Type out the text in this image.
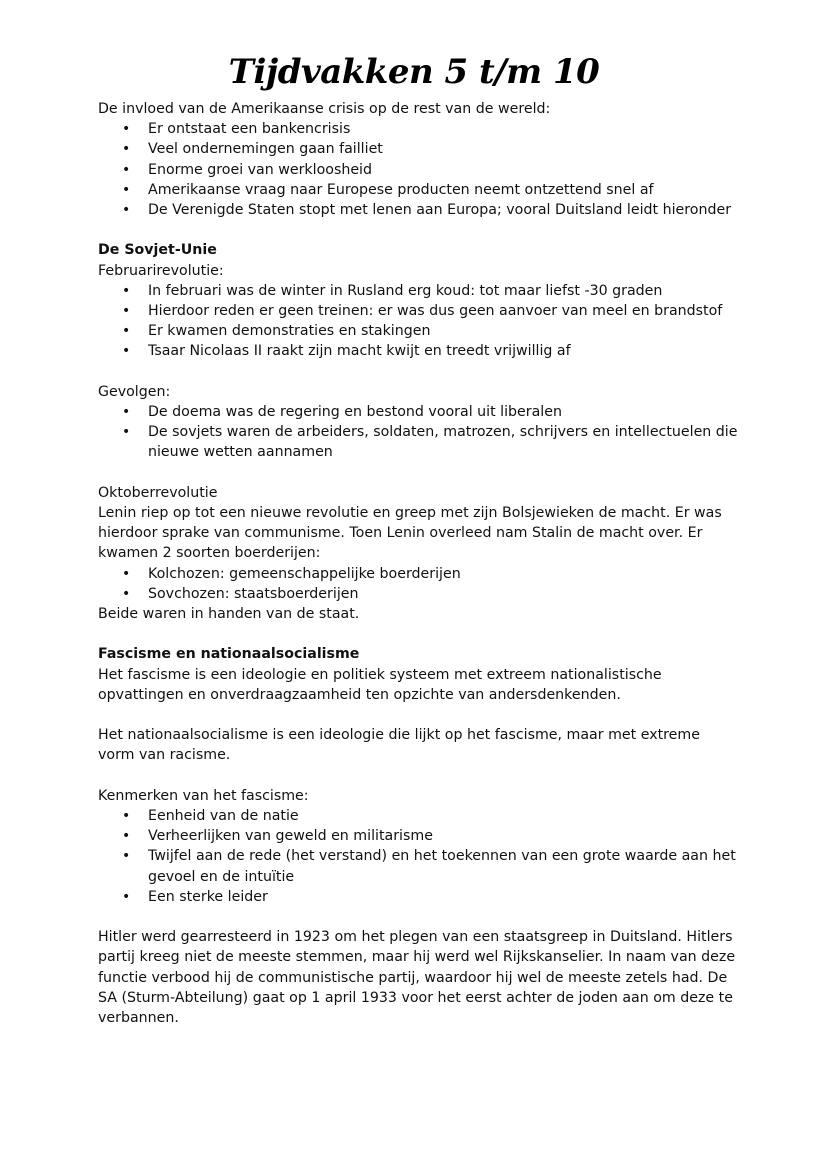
Tijdvakken 5 t/m 10

De invloed van de Amerikaanse crisis op de rest van de wereld:

• Er ontstaat een bankencrisis
• Veel ondernemingen gaan failliet
• Enorme groei van werkloosheid
• Amerikaanse vraag naar Europese producten neemt ontzettend snel af
• De Verenigde Staten stopt met lenen aan Europa; vooral Duitsland leidt hieronder

De Sovjet-Unie

Februarirevolutie:

• In februari was de winter in Rusland erg koud: tot maar liefst -30 graden
• Hierdoor reden er geen treinen: er was dus geen aanvoer van meel en brandstof
• Er kwamen demonstraties en stakingen
• Tsaar Nicolaas II raakt zijn macht kwijt en treedt vrijwillig af

Gevolgen:

• De doema was de regering en bestond vooral uit liberalen
• De sovjets waren de arbeiders, soldaten, matrozen, schrijvers en intellectuelen die nieuwe wetten aannamen

Oktoberrevolutie

Lenin riep op tot een nieuwe revolutie en greep met zijn Bolsjewieken de macht. Er was hierdoor sprake van communisme. Toen Lenin overleed nam Stalin de macht over. Er kwamen 2 soorten boerderijen:

• Kolchozen: gemeenschappelijke boerderijen
• Sovchozen: staatsboerderijen

Beide waren in handen van de staat.

Fascisme en nationaalsocialisme

Het fascisme is een ideologie en politiek systeem met extreem nationalistische opvattingen en onverdraagzaamheid ten opzichte van andersdenkenden.

Het nationaalsocialisme is een ideologie die lijkt op het fascisme, maar met extreme vorm van racisme.

Kenmerken van het fascisme:

• Eenheid van de natie
• Verheerlijken van geweld en militarisme
• Twijfel aan de rede (het verstand) en het toekennen van een grote waarde aan het gevoel en de intuïtie
• Een sterke leider

Hitler werd gearresteerd in 1923 om het plegen van een staatsgreep in Duitsland. Hitlers partij kreeg niet de meeste stemmen, maar hij werd wel Rijkskanselier. In naam van deze functie verbood hij de communistische partij, waardoor hij wel de meeste zetels had. De SA (Sturm-Abteilung) gaat op 1 april 1933 voor het eerst achter de joden aan om deze te verbannen.
